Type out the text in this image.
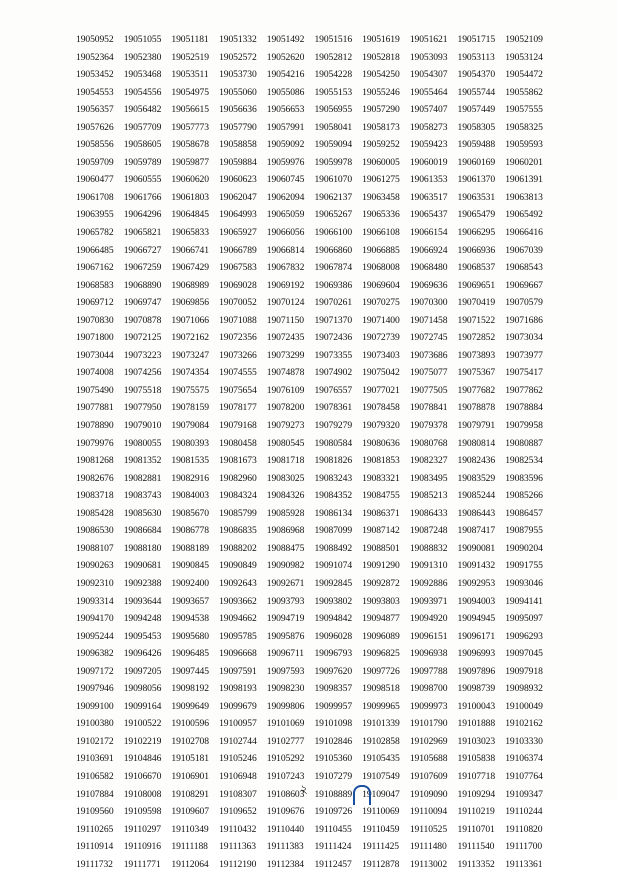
19050952	19051055	19051181	19051332	19051492	19051516	19051619	19051621	19051715	19052109
19052364	19052380	19052519	19052572	19052620	19052812	19052818	19053093	19053113	19053124
19053452	19053468	19053511	19053730	19054216	19054228	19054250	19054307	19054370	19054472
19054553	19054556	19054975	19055060	19055086	19055153	19055246	19055464	19055744	19055862
19056357	19056482	19056615	19056636	19056653	19056955	19057290	19057407	19057449	19057555
19057626	19057709	19057773	19057790	19057991	19058041	19058173	19058273	19058305	19058325
19058556	19058605	19058678	19058858	19059092	19059094	19059252	19059423	19059488	19059593
19059709	19059789	19059877	19059884	19059976	19059978	19060005	19060019	19060169	19060201
19060477	19060555	19060620	19060623	19060745	19061070	19061275	19061353	19061370	19061391
19061708	19061766	19061803	19062047	19062094	19062137	19063458	19063517	19063531	19063813
19063955	19064296	19064845	19064993	19065059	19065267	19065336	19065437	19065479	19065492
19065782	19065821	19065833	19065927	19066056	19066100	19066108	19066154	19066295	19066416
19066485	19066727	19066741	19066789	19066814	19066860	19066885	19066924	19066936	19067039
19067162	19067259	19067429	19067583	19067832	19067874	19068008	19068480	19068537	19068543
19068583	19068890	19068989	19069028	19069192	19069386	19069604	19069636	19069651	19069667
19069712	19069747	19069856	19070052	19070124	19070261	19070275	19070300	19070419	19070579
19070830	19070878	19071066	19071088	19071150	19071370	19071400	19071458	19071522	19071686
19071800	19072125	19072162	19072356	19072435	19072436	19072739	19072745	19072852	19073034
19073044	19073223	19073247	19073266	19073299	19073355	19073403	19073686	19073893	19073977
19074008	19074256	19074354	19074555	19074878	19074902	19075042	19075077	19075367	19075417
19075490	19075518	19075575	19075654	19076109	19076557	19077021	19077505	19077682	19077862
19077881	19077950	19078159	19078177	19078200	19078361	19078458	19078841	19078878	19078884
19078890	19079010	19079084	19079168	19079273	19079279	19079320	19079378	19079791	19079958
19079976	19080055	19080393	19080458	19080545	19080584	19080636	19080768	19080814	19080887
19081268	19081352	19081535	19081673	19081718	19081826	19081853	19082327	19082436	19082534
19082676	19082881	19082916	19082960	19083025	19083243	19083321	19083495	19083529	19083596
19083718	19083743	19084003	19084324	19084326	19084352	19084755	19085213	19085244	19085266
19085428	19085630	19085670	19085799	19085928	19086134	19086371	19086433	19086443	19086457
19086530	19086684	19086778	19086835	19086968	19087099	19087142	19087248	19087417	19087955
19088107	19088180	19088189	19088202	19088475	19088492	19088501	19088832	19090081	19090204
19090263	19090681	19090845	19090849	19090982	19091074	19091290	19091310	19091432	19091755
19092310	19092388	19092400	19092643	19092671	19092845	19092872	19092886	19092953	19093046
19093314	19093644	19093657	19093662	19093793	19093802	19093803	19093971	19094003	19094141
19094170	19094248	19094538	19094662	19094719	19094842	19094877	19094920	19094945	19095097
19095244	19095453	19095680	19095785	19095876	19096028	19096089	19096151	19096171	19096293
19096382	19096426	19096485	19096668	19096711	19096793	19096825	19096938	19096993	19097045
19097172	19097205	19097445	19097591	19097593	19097620	19097726	19097788	19097896	19097918
19097946	19098056	19098192	19098193	19098230	19098357	19098518	19098700	19098739	19098932
19099100	19099164	19099649	19099679	19099806	19099957	19099965	19099973	19100043	19100049
19100380	19100522	19100596	19100957	19101069	19101098	19101339	19101790	19101888	19102162
19102172	19102219	19102708	19102744	19102777	19102846	19102858	19102969	19103023	19103330
19103691	19104846	19105181	19105246	19105292	19105360	19105435	19105688	19105838	19106374
19106582	19106670	19106901	19106948	19107243	19107279	19107549	19107609	19107718	19107764
19107884	19108008	19108291	19108307	19108603	19108889	19109047	19109090	19109294	19109347
19109560	19109598	19109607	19109652	19109676	19109726	19110069	19110094	19110219	19110244
19110265	19110297	19110349	19110432	19110440	19110455	19110459	19110525	19110701	19110820
19110914	19110916	19111188	19111363	19111383	19111424	19111425	19111480	19111540	19111700
19111732	19111771	19112064	19112190	19112384	19112457	19112878	19113002	19113352	19113361
২
